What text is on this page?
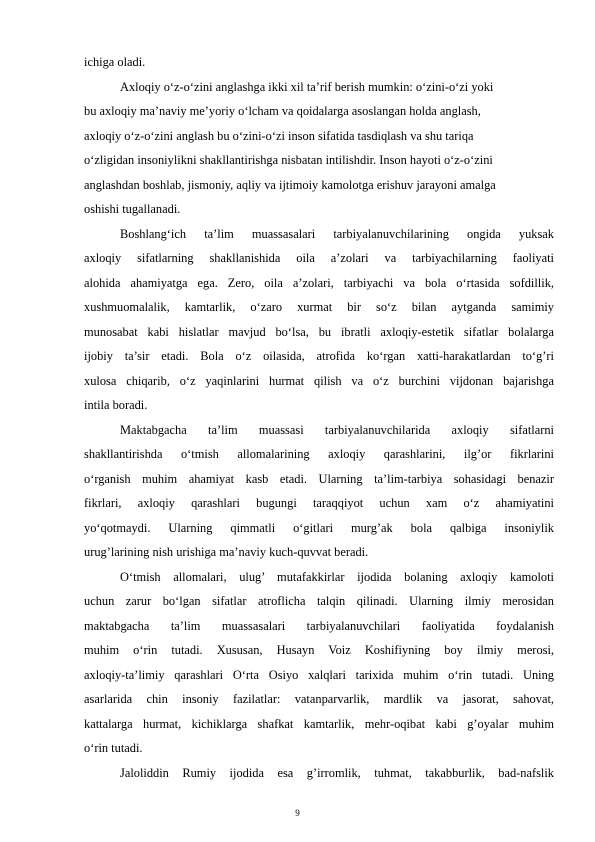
ichiga oladi.
Axloqiy o‘z-o‘zini anglashga ikki xil ta’rif berish mumkin: o‘zini-o‘zi yoki
bu axloqiy ma’naviy me’yoriy o‘lcham va qoidalarga asoslangan holda anglash,
axloqiy o‘z-o‘zini anglash bu o‘zini-o‘zi inson sifatida tasdiqlash va shu tariqa
o‘zligidan insoniylikni shakllantirishga nisbatan intilishdir. Inson hayoti o‘z-o‘zini
anglashdan boshlab, jismoniy, aqliy va ijtimoiy kamolotga erishuv jarayoni amalga
oshishi tugallanadi.
Boshlang‘ich ta’lim muassasalari tarbiyalanuvchilarining ongida yuksak
axloqiy sifatlarning shakllanishida oila a’zolari va tarbiyachilarning faoliyati
alohida ahamiyatga ega. Zero, oila a’zolari, tarbiyachi va bola o‘rtasida sofdillik,
xushmuomalalik, kamtarlik, o‘zaro xurmat bir so‘z bilan aytganda samimiy
munosabat kabi hislatlar mavjud bo‘lsa, bu ibratli axloqiy-estetik sifatlar bolalarga
ijobiy ta’sir etadi. Bola o‘z oilasida, atrofida ko‘rgan xatti-harakatlardan to‘g’ri
xulosa chiqarib, o‘z yaqinlarini hurmat qilish va o‘z burchini vijdonan bajarishga
intila boradi.
Maktabgacha ta’lim muassasi tarbiyalanuvchilarida axloqiy sifatlarni
shakllantirishda o‘tmish allomalarining axloqiy qarashlarini, ilg’or fikrlarini
o‘rganish muhim ahamiyat kasb etadi. Ularning ta’lim-tarbiya sohasidagi benazir
fikrlari, axloqiy qarashlari bugungi taraqqiyot uchun xam o‘z ahamiyatini
yo‘qotmaydi. Ularning qimmatli o‘gitlari murg’ak bola qalbiga insoniylik
urug’larining nish urishiga ma’naviy kuch-quvvat beradi.
O‘tmish allomalari, ulug’ mutafakkirlar ijodida bolaning axloqiy kamoloti
uchun zarur bo‘lgan sifatlar atroflicha talqin qilinadi. Ularning ilmiy merosidan
maktabgacha ta’lim muassasalari tarbiyalanuvchilari faoliyatida foydalanish
muhim o‘rin tutadi. Xususan, Husayn Voiz Koshifiyning boy ilmiy merosi,
axloqiy-ta’limiy qarashlari O‘rta Osiyo xalqlari tarixida muhim o‘rin tutadi. Uning
asarlarida chin insoniy fazilatlar: vatanparvarlik, mardlik va jasorat, sahovat,
kattalarga hurmat, kichiklarga shafkat kamtarlik, mehr-oqibat kabi g’oyalar muhim
o‘rin tutadi.
Jaloliddin Rumiy ijodida esa g’irromlik, tuhmat, takabburlik, bad-nafslik
9
